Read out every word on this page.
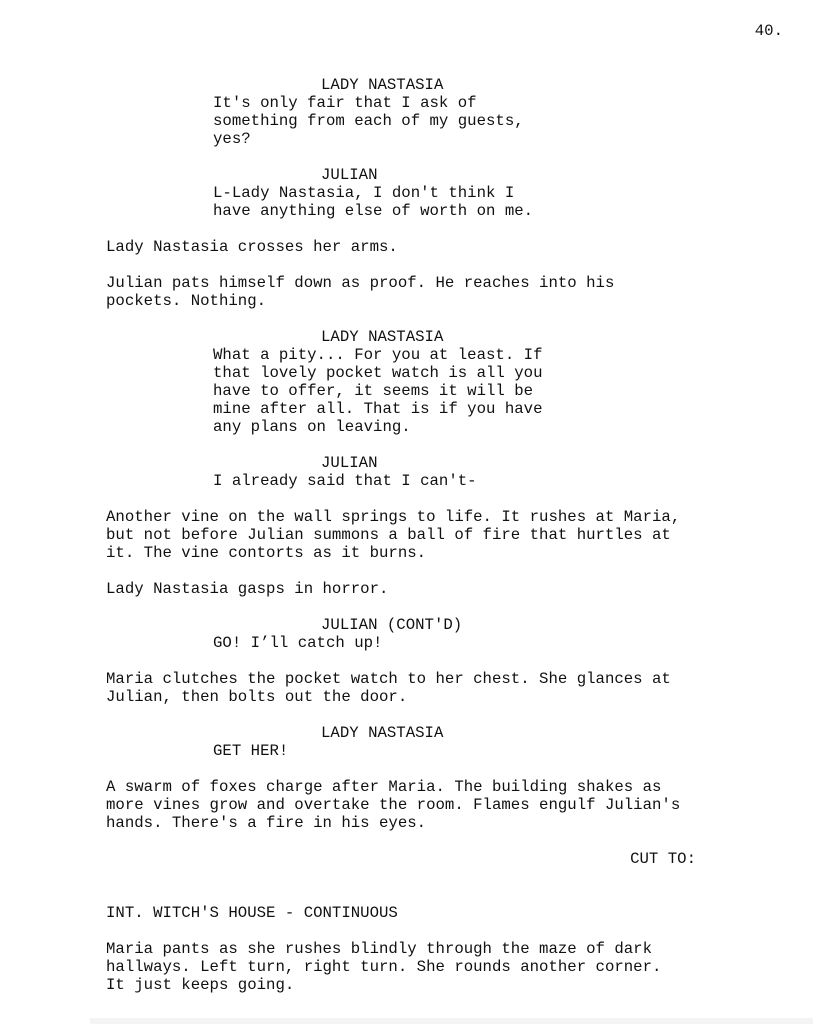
40.
LADY NASTASIA
It's only fair that I ask of
something from each of my guests,
yes?
JULIAN
L-Lady Nastasia, I don't think I
have anything else of worth on me.
Lady Nastasia crosses her arms.
Julian pats himself down as proof. He reaches into his
pockets. Nothing.
LADY NASTASIA
What a pity... For you at least. If
that lovely pocket watch is all you
have to offer, it seems it will be
mine after all. That is if you have
any plans on leaving.
JULIAN
I already said that I can't-
Another vine on the wall springs to life. It rushes at Maria,
but not before Julian summons a ball of fire that hurtles at
it. The vine contorts as it burns.
Lady Nastasia gasps in horror.
JULIAN (CONT'D)
GO! I’ll catch up!
Maria clutches the pocket watch to her chest. She glances at
Julian, then bolts out the door.
LADY NASTASIA
GET HER!
A swarm of foxes charge after Maria. The building shakes as
more vines grow and overtake the room. Flames engulf Julian's
hands. There's a fire in his eyes.
CUT TO:
INT. WITCH'S HOUSE - CONTINUOUS
Maria pants as she rushes blindly through the maze of dark
hallways. Left turn, right turn. She rounds another corner.
It just keeps going.
